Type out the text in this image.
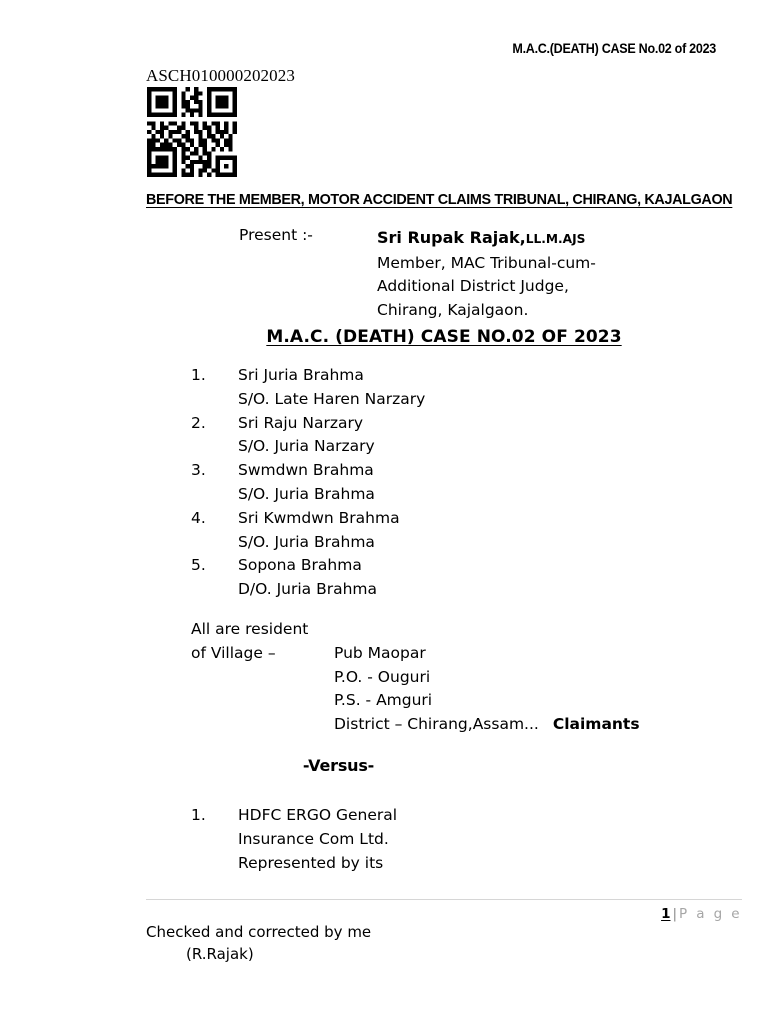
M.A.C.(DEATH) CASE No.02 of 2023
ASCH010000202023
BEFORE THE MEMBER, MOTOR ACCIDENT CLAIMS TRIBUNAL, CHIRANG, KAJALGAON
Present :-	Sri Rupak Rajak,LL.M.AJS
Member, MAC Tribunal-cum-
Additional District Judge,
Chirang, Kajalgaon.
M.A.C. (DEATH) CASE NO.02 OF 2023
1.	Sri Juria Brahma
S/O. Late Haren Narzary
2.	Sri Raju Narzary
S/O. Juria Narzary
3.	Swmdwn Brahma
S/O. Juria Brahma
4.	Sri Kwmdwn Brahma
S/O. Juria Brahma
5.	Sopona Brahma
D/O. Juria Brahma
All are resident
of Village –	Pub Maopar
P.O. - Ouguri
P.S. - Amguri
District – Chirang,Assam... Claimants
-Versus-
1.	HDFC ERGO General
Insurance Com Ltd.
Represented by its
1 | P a g e
Checked and corrected by me
(R.Rajak)
